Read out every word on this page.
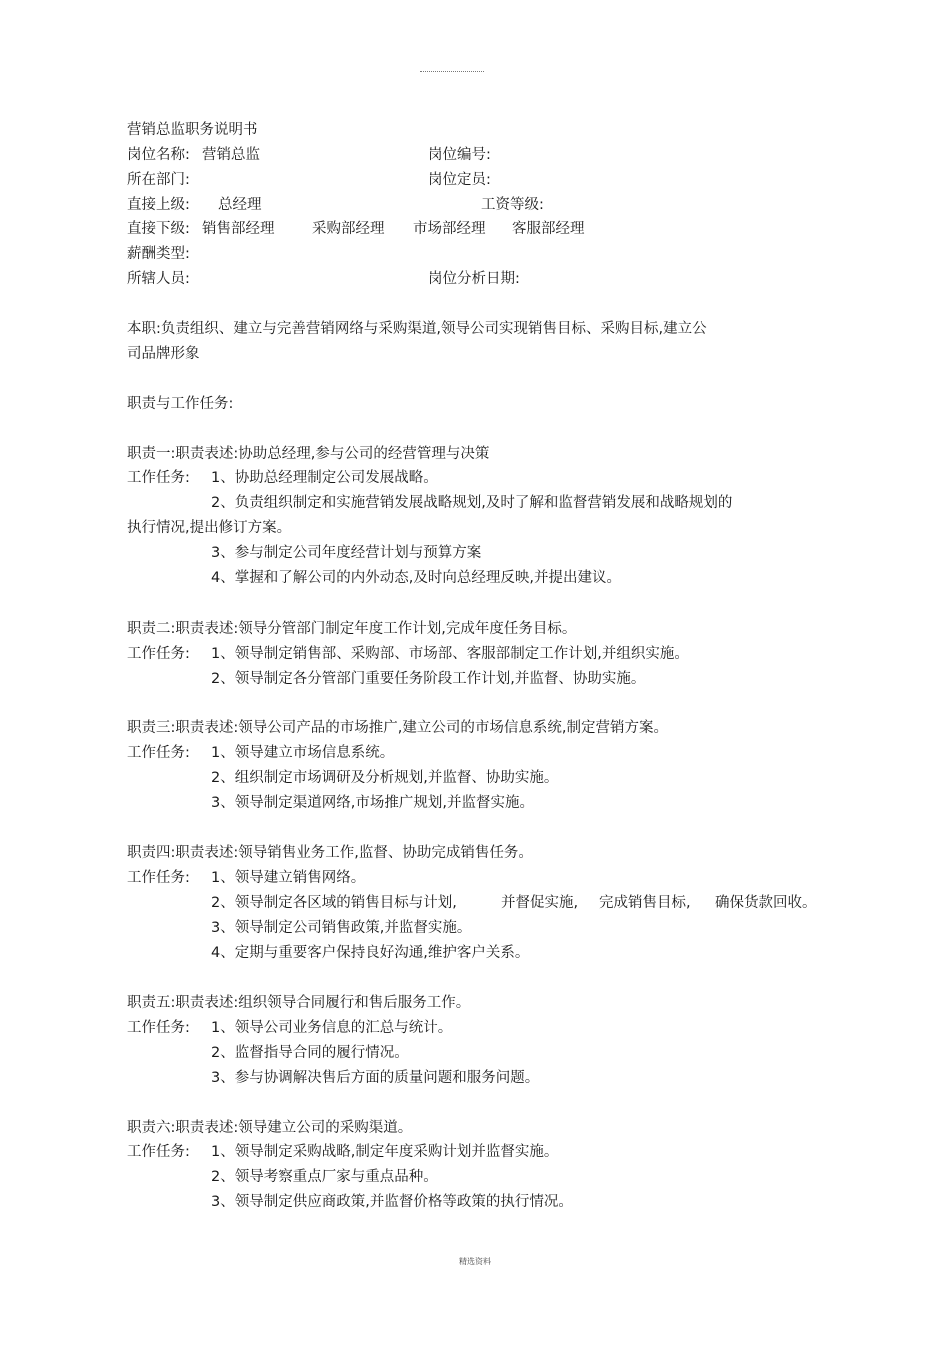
营销总监职务说明书
岗位名称: 营销总监	岗位编号:
所在部门:	岗位定员:
直接上级: 总经理	工资等级:
直接下级: 销售部经理	采购部经理 市场部经理 客服部经理
薪酬类型:
所辖人员:	岗位分析日期:
本职:负责组织、建立与完善营销网络与采购渠道,领导公司实现销售目标、采购目标,建立公
司品牌形象
职责与工作任务:
职责一:职责表述:协助总经理,参与公司的经营管理与决策
工作任务: 1、协助总经理制定公司发展战略。
2、负责组织制定和实施营销发展战略规划,及时了解和监督营销发展和战略规划的
执行情况,提出修订方案。
3、参与制定公司年度经营计划与预算方案
4、掌握和了解公司的内外动态,及时向总经理反映,并提出建议。
职责二:职责表述:领导分管部门制定年度工作计划,完成年度任务目标。
工作任务: 1、领导制定销售部、采购部、市场部、客服部制定工作计划,并组织实施。
2、领导制定各分管部门重要任务阶段工作计划,并监督、协助实施。
职责三:职责表述:领导公司产品的市场推广,建立公司的市场信息系统,制定营销方案。
工作任务: 1、领导建立市场信息系统。
2、组织制定市场调研及分析规划,并监督、协助实施。
3、领导制定渠道网络,市场推广规划,并监督实施。
职责四:职责表述:领导销售业务工作,监督、协助完成销售任务。
工作任务: 1、领导建立销售网络。
2、领导制定各区域的销售目标与计划,	并督促实施, 完成销售目标, 确保货款回收。
3、领导制定公司销售政策,并监督实施。
4、定期与重要客户保持良好沟通,维护客户关系。
职责五:职责表述:组织领导合同履行和售后服务工作。
工作任务: 1、领导公司业务信息的汇总与统计。
2、监督指导合同的履行情况。
3、参与协调解决售后方面的质量问题和服务问题。
职责六:职责表述:领导建立公司的采购渠道。
工作任务: 1、领导制定采购战略,制定年度采购计划并监督实施。
2、领导考察重点厂家与重点品种。
3、领导制定供应商政策,并监督价格等政策的执行情况。
精选资料
